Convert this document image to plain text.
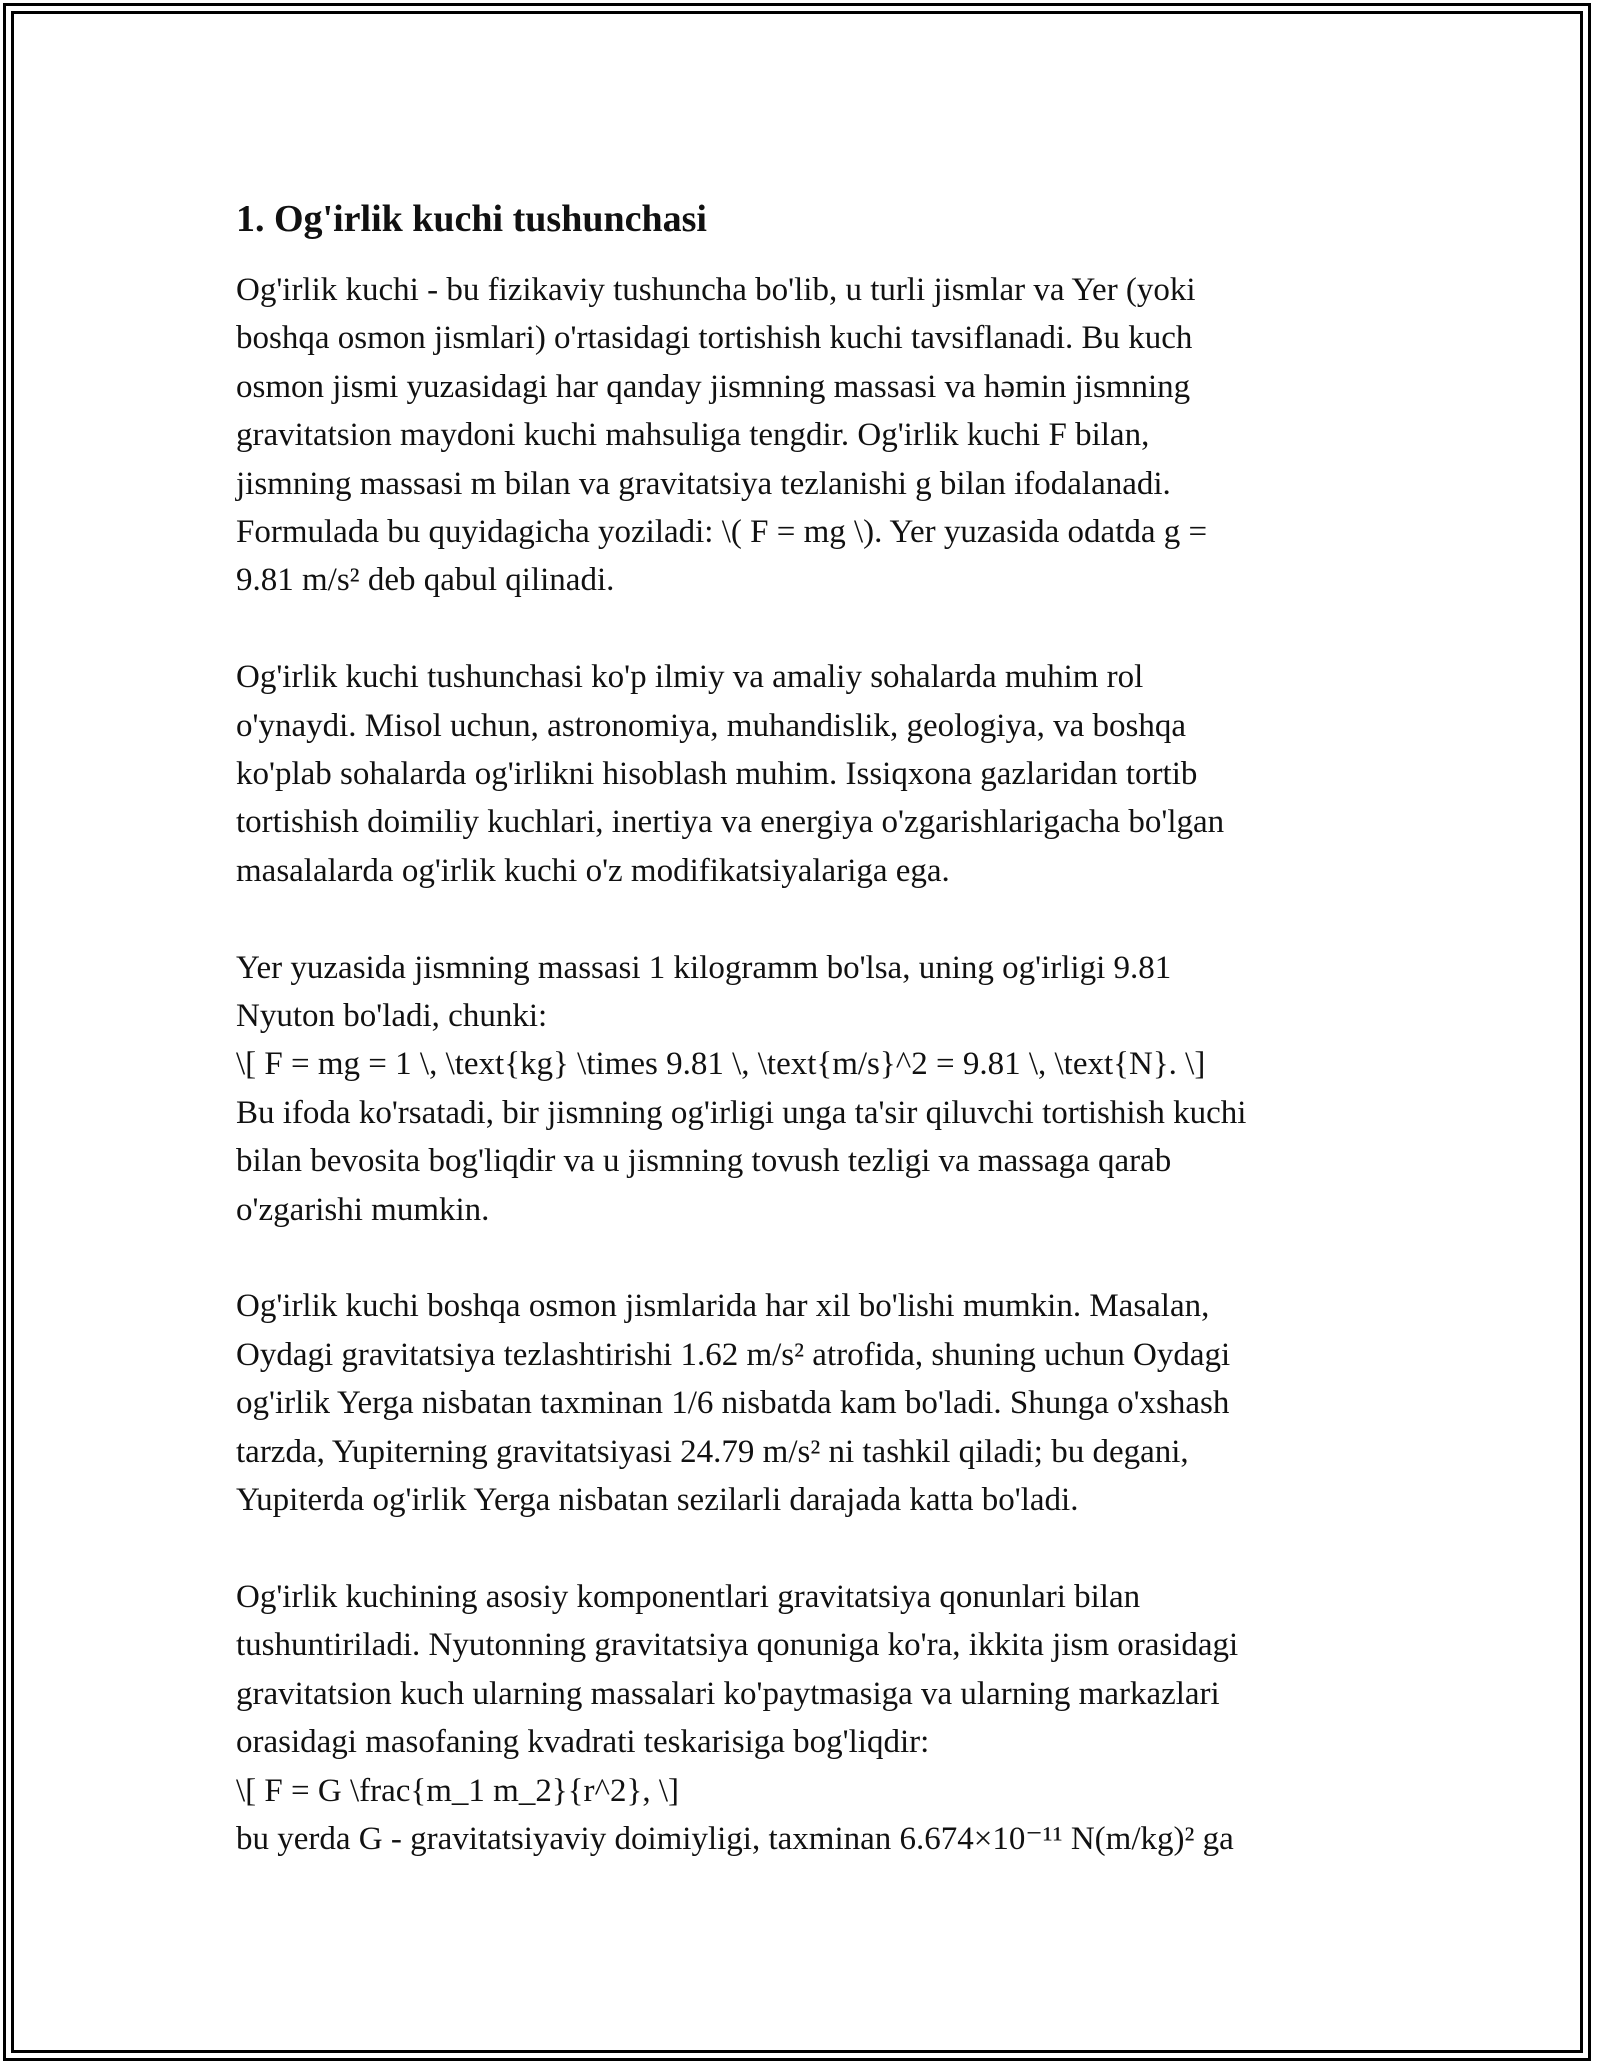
1. Og'irlik kuchi tushunchasi

Og'irlik kuchi - bu fizikaviy tushuncha bo'lib, u turli jismlar va Yer (yoki
boshqa osmon jismlari) o'rtasidagi tortishish kuchi tavsiflanadi. Bu kuch
osmon jismi yuzasidagi har qanday jismning massasi va həmin jismning
gravitatsion maydoni kuchi mahsuliga tengdir. Og'irlik kuchi F bilan,
jismning massasi m bilan va gravitatsiya tezlanishi g bilan ifodalanadi.
Formulada bu quyidagicha yoziladi: \( F = mg \). Yer yuzasida odatda g =
9.81 m/s² deb qabul qilinadi.

Og'irlik kuchi tushunchasi ko'p ilmiy va amaliy sohalarda muhim rol
o'ynaydi. Misol uchun, astronomiya, muhandislik, geologiya, va boshqa
ko'plab sohalarda og'irlikni hisoblash muhim. Issiqxona gazlaridan tortib
tortishish doimiliy kuchlari, inertiya va energiya o'zgarishlarigacha bo'lgan
masalalarda og'irlik kuchi o'z modifikatsiyalariga ega.

Yer yuzasida jismning massasi 1 kilogramm bo'lsa, uning og'irligi 9.81
Nyuton bo'ladi, chunki:
\[ F = mg = 1 \, \text{kg} \times 9.81 \, \text{m/s}^2 = 9.81 \, \text{N}. \]
Bu ifoda ko'rsatadi, bir jismning og'irligi unga ta'sir qiluvchi tortishish kuchi
bilan bevosita bog'liqdir va u jismning tovush tezligi va massaga qarab
o'zgarishi mumkin.

Og'irlik kuchi boshqa osmon jismlarida har xil bo'lishi mumkin. Masalan,
Oydagi gravitatsiya tezlashtirishi 1.62 m/s² atrofida, shuning uchun Oydagi
og'irlik Yerga nisbatan taxminan 1/6 nisbatda kam bo'ladi. Shunga o'xshash
tarzda, Yupiterning gravitatsiyasi 24.79 m/s² ni tashkil qiladi; bu degani,
Yupiterda og'irlik Yerga nisbatan sezilarli darajada katta bo'ladi.

Og'irlik kuchining asosiy komponentlari gravitatsiya qonunlari bilan
tushuntiriladi. Nyutonning gravitatsiya qonuniga ko'ra, ikkita jism orasidagi
gravitatsion kuch ularning massalari ko'paytmasiga va ularning markazlari
orasidagi masofaning kvadrati teskarisiga bog'liqdir:
\[ F = G \frac{m_1 m_2}{r^2}, \]
bu yerda G - gravitatsiyaviy doimiyligi, taxminan 6.674×10⁻¹¹ N(m/kg)² ga
